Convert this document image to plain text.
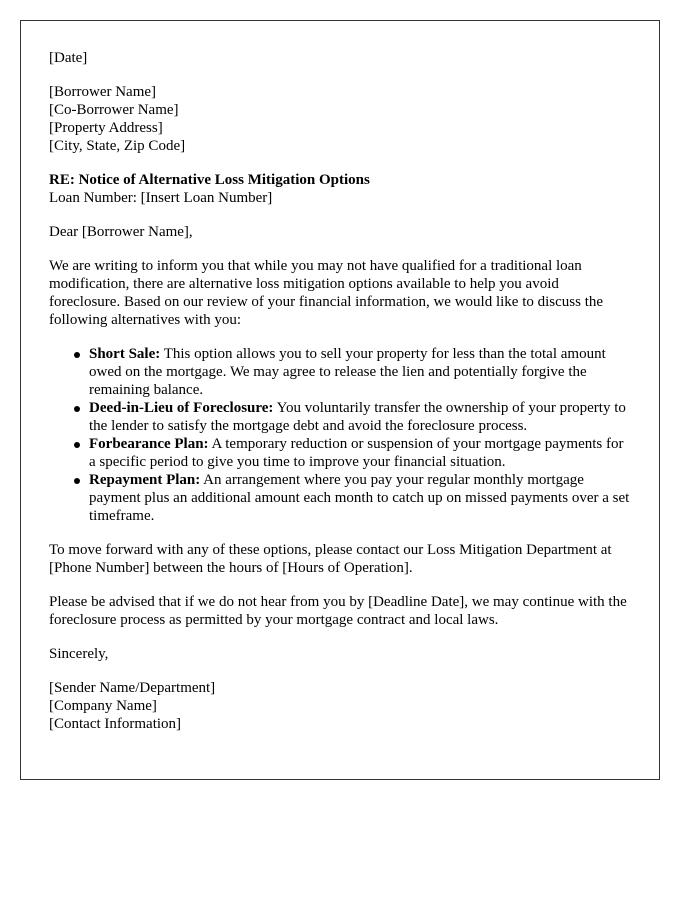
[Date]
[Borrower Name]
[Co-Borrower Name]
[Property Address]
[City, State, Zip Code]
RE: Notice of Alternative Loss Mitigation Options
Loan Number: [Insert Loan Number]
Dear [Borrower Name],
We are writing to inform you that while you may not have qualified for a traditional loan modification, there are alternative loss mitigation options available to help you avoid foreclosure. Based on our review of your financial information, we would like to discuss the following alternatives with you:
Short Sale: This option allows you to sell your property for less than the total amount owed on the mortgage. We may agree to release the lien and potentially forgive the remaining balance.
Deed-in-Lieu of Foreclosure: You voluntarily transfer the ownership of your property to the lender to satisfy the mortgage debt and avoid the foreclosure process.
Forbearance Plan: A temporary reduction or suspension of your mortgage payments for a specific period to give you time to improve your financial situation.
Repayment Plan: An arrangement where you pay your regular monthly mortgage payment plus an additional amount each month to catch up on missed payments over a set timeframe.
To move forward with any of these options, please contact our Loss Mitigation Department at [Phone Number] between the hours of [Hours of Operation].
Please be advised that if we do not hear from you by [Deadline Date], we may continue with the foreclosure process as permitted by your mortgage contract and local laws.
Sincerely,
[Sender Name/Department]
[Company Name]
[Contact Information]
